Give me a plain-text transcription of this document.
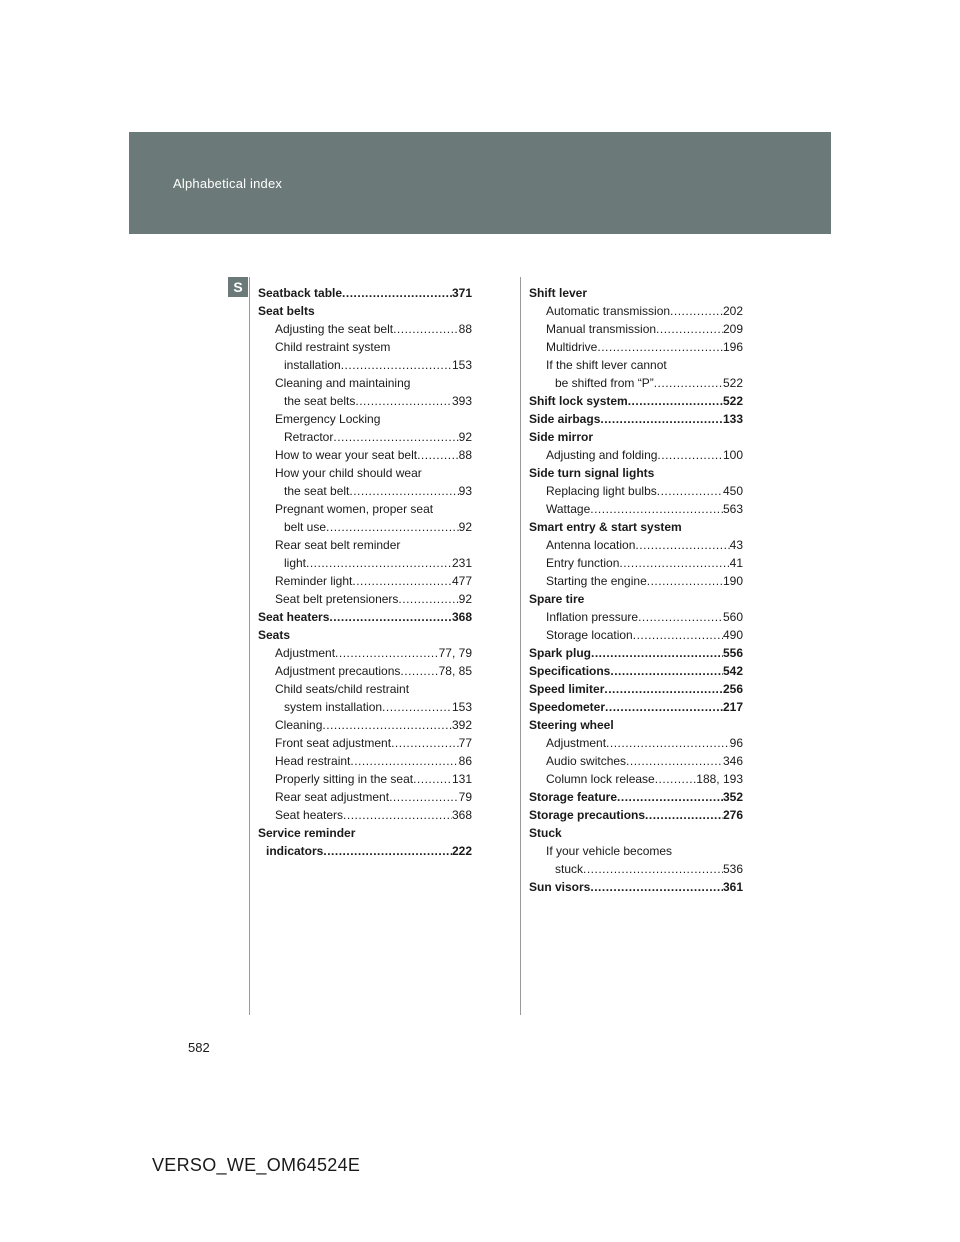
Alphabetical index
S	Seatback table .....	371
Seat belts
Adjusting the seat belt .....	88
Child restraint system
installation .....	153
Cleaning and maintaining
the seat belts .....	393
Emergency Locking
Retractor .....	92
How to wear your seat belt .....	88
How your child should wear
the seat belt .....	93
Pregnant women, proper seat
belt use .....	92
Rear seat belt reminder
light .....	231
Reminder light .....	477
Seat belt pretensioners .....	92
Seat heaters .....	368
Seats
Adjustment .....	77, 79
Adjustment precautions .....	78, 85
Child seats/child restraint
system installation .....	153
Cleaning .....	392
Front seat adjustment .....	77
Head restraint .....	86
Properly sitting in the seat .....	131
Rear seat adjustment .....	79
Seat heaters .....	368
Service reminder
indicators .....	222
Shift lever
Automatic transmission .....	202
Manual transmission .....	209
Multidrive .....	196
If the shift lever cannot
be shifted from “P” .....	522
Shift lock system .....	522
Side airbags .....	133
Side mirror
Adjusting and folding .....	100
Side turn signal lights
Replacing light bulbs .....	450
Wattage .....	563
Smart entry & start system
Antenna location .....	43
Entry function .....	41
Starting the engine .....	190
Spare tire
Inflation pressure .....	560
Storage location .....	490
Spark plug .....	556
Specifications .....	542
Speed limiter .....	256
Speedometer .....	217
Steering wheel
Adjustment .....	96
Audio switches .....	346
Column lock release .....	188, 193
Storage feature .....	352
Storage precautions .....	276
Stuck
If your vehicle becomes
stuck .....	536
Sun visors .....	361
582
VERSO_WE_OM64524E
